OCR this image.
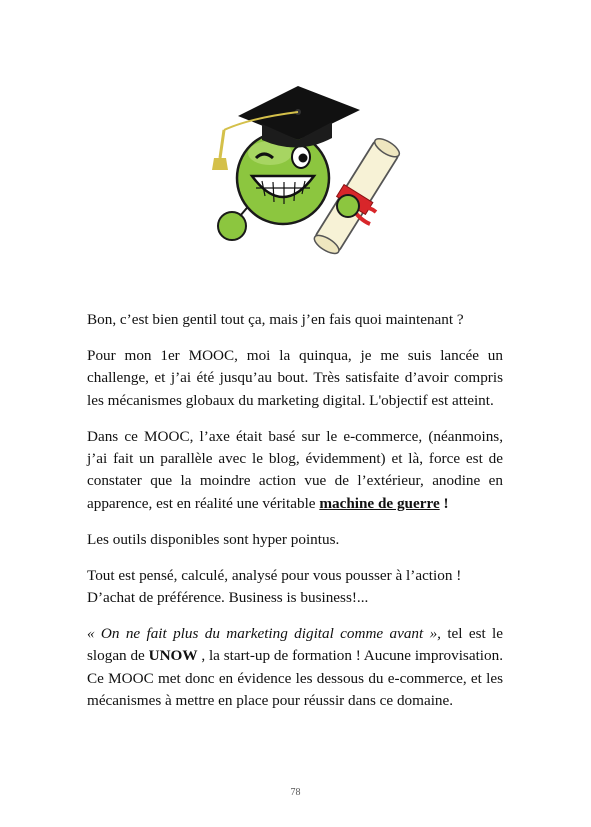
Bon, c’est bien gentil tout ça, mais j’en fais quoi maintenant ?

Pour mon 1er MOOC, moi la quinqua, je me suis lancée un challenge, et j’ai été jusqu’au bout. Très satisfaite d’avoir compris les mécanismes globaux du marketing digital. L'objectif est atteint.

Dans ce MOOC, l’axe était basé sur le e-commerce, (néanmoins, j’ai fait un parallèle avec le blog, évidemment) et là, force est de constater que la moindre action vue de l’extérieur, anodine en apparence, est en réalité une véritable machine de guerre !

Les outils disponibles sont hyper pointus.

Tout est pensé, calculé, analysé pour vous pousser à l’action !
D’achat de préférence. Business is business!...

« On ne fait plus du marketing digital comme avant », tel est le slogan de UNOW , la start-up de formation ! Aucune improvisation. Ce MOOC met donc en évidence les dessous du e-commerce, et les mécanismes à mettre en place pour réussir dans ce domaine.

78
